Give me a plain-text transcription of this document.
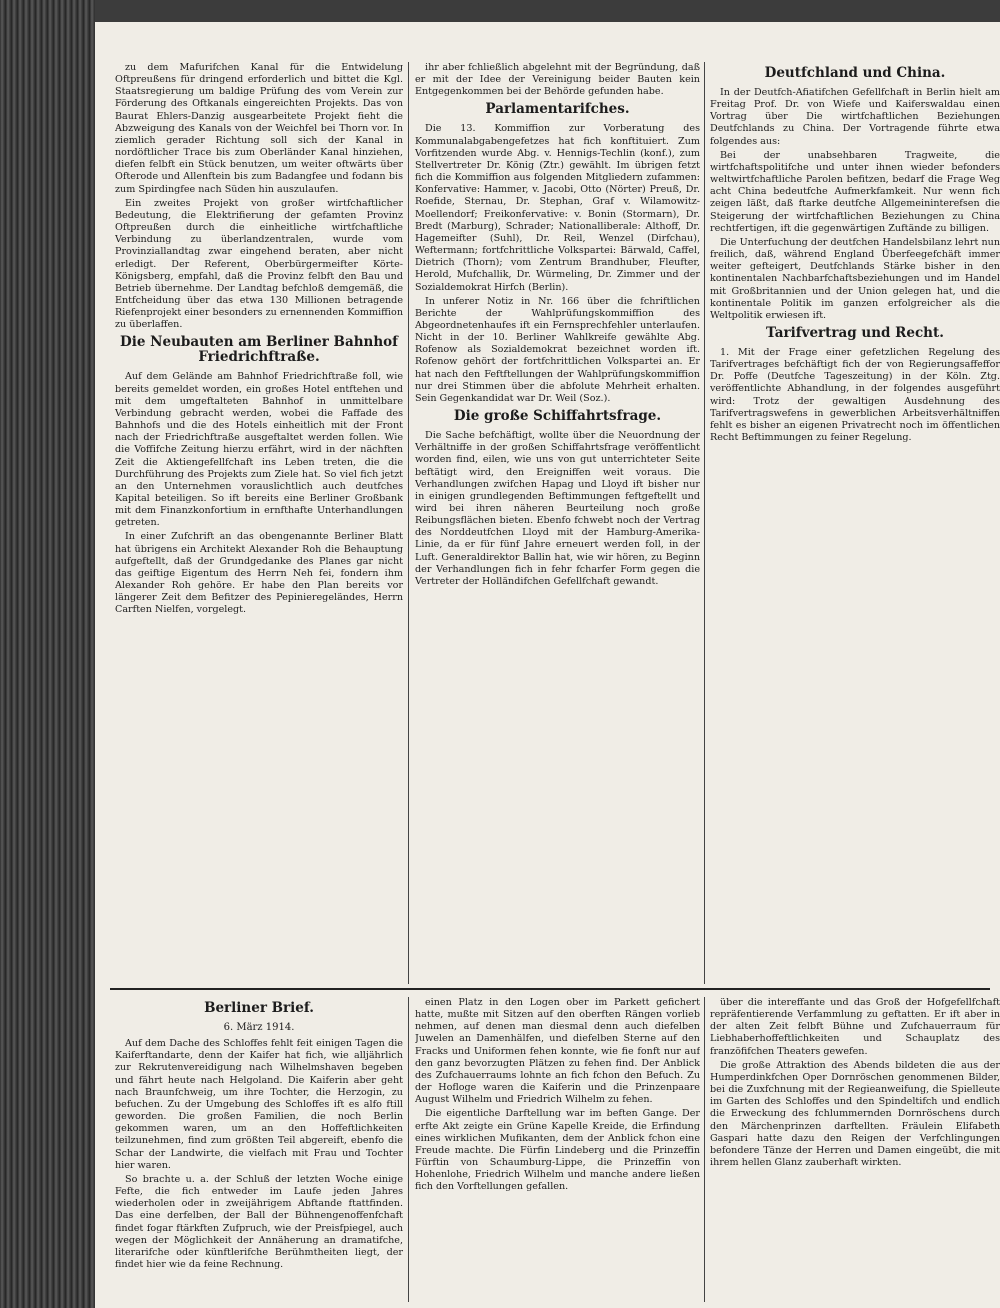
zu dem Mafurifchen Kanal für die Entwidelung Oftpreußens für dringend erforderlich und bittet die Kgl. Staatsregierung um baldige Prüfung des vom Verein zur Förderung des Oftkanals eingereichten Projekts. Das von Baurat Ehlers-Danzig ausgearbeitete Projekt fieht die Abzweigung des Kanals von der Weichfel bei Thorn vor. In ziemlich gerader Richtung soll sich der Kanal in nordöftlicher Trace bis zum Oberländer Kanal hinziehen, diefen felbft ein Stück benutzen, um weiter oftwärts über Ofterode und Allenftein bis zum Badangfee und fodann bis zum Spirdingfee nach Süden hin auszulaufen.

Ein zweites Projekt von großer wirtfchaftlicher Bedeutung, die Elektrifierung der gefamten Provinz Oftpreußen durch die einheitliche wirtfchaftliche Verbindung zu überlandzentralen, wurde vom Provinziallandtag zwar eingehend beraten, aber nicht erledigt. Der Referent, Oberbürgermeifter Körte-Königsberg, empfahl, daß die Provinz felbft den Bau und Betrieb übernehme. Der Landtag befchloß demgemäß, die Entfcheidung über das etwa 130 Millionen betragende Riefenprojekt einer besonders zu ernennenden Kommiffion zu überlaffen.

Die Neubauten am Berliner Bahnhof Friedrichftraße.

Auf dem Gelände am Bahnhof Friedrichftraße foll, wie bereits gemeldet worden, ein großes Hotel entftehen und mit dem umgeftalteten Bahnhof in unmittelbare Verbindung gebracht werden, wobei die Faffade des Bahnhofs und die des Hotels einheitlich mit der Front nach der Friedrichftraße ausgeftaltet werden follen. Wie die Voffifche Zeitung hierzu erfährt, wird in der nächften Zeit die Aktiengefellfchaft ins Leben treten, die die Durchführung des Projekts zum Ziele hat. So viel fich jetzt an den Unternehmen vorauslichtlich auch deutfches Kapital beteiligen. So ift bereits eine Berliner Großbank mit dem Finanzkonfortium in ernfthafte Unterhandlungen getreten.

In einer Zufchrift an das obengenannte Berliner Blatt hat übrigens ein Architekt Alexander Roh die Behauptung aufgeftellt, daß der Grundgedanke des Planes gar nicht das geiftige Eigentum des Herrn Neh fei, fondern ihm Alexander Roh gehöre. Er habe den Plan bereits vor längerer Zeit dem Befitzer des Pepinieregeländes, Herrn Carften Nielfen, vorgelegt.

ihr aber fchließlich abgelehnt mit der Begründung, daß er mit der Idee der Vereinigung beider Bauten kein Entgegenkommen bei der Behörde gefunden habe.

Parlamentarifches.

Die 13. Kommiffion zur Vorberatung des Kommunalabgabengefetzes hat fich konftituiert. Zum Vorfitzenden wurde Abg. v. Hennigs-Techlin (konf.), zum Stellvertreter Dr. König (Ztr.) gewählt. Im übrigen fetzt fich die Kommiffion aus folgenden Mitgliedern zufammen: Konfervative: Hammer, v. Jacobi, Otto (Nörter) Preuß, Dr. Roefide, Sternau, Dr. Stephan, Graf v. Wilamowitz-Moellendorf; Freikonfervative: v. Bonin (Stormarn), Dr. Bredt (Marburg), Schrader; Nationalliberale: Althoff, Dr. Hagemeifter (Suhl), Dr. Reil, Wenzel (Dirfchau), Weftermann; fortfchrittliche Volkspartei: Bärwald, Caffel, Dietrich (Thorn); vom Zentrum Brandhuber, Fleufter, Herold, Mufchallik, Dr. Würmeling, Dr. Zimmer und der Sozialdemokrat Hirfch (Berlin).

In unferer Notiz in Nr. 166 über die fchriftlichen Berichte der Wahlprüfungskommiffion des Abgeordnetenhaufes ift ein Fernsprechfehler unterlaufen. Nicht in der 10. Berliner Wahlkreife gewählte Abg. Rofenow als Sozialdemokrat bezeichnet worden ift. Rofenow gehört der fortfchrittlichen Volkspartei an. Er hat nach den Feftftellungen der Wahlprüfungskommiffion nur drei Stimmen über die abfolute Mehrheit erhalten. Sein Gegenkandidat war Dr. Weil (Soz.).

Die große Schiffahrtsfrage.

Die Sache befchäftigt, wollte über die Neuordnung der Verhältniffe in der großen Schiffahrtsfrage veröffentlicht worden find, eilen, wie uns von gut unterrichteter Seite beftätigt wird, den Ereigniffen weit voraus. Die Verhandlungen zwifchen Hapag und Lloyd ift bisher nur in einigen grundlegenden Beftimmungen feftgeftellt und wird bei ihren näheren Beurteilung noch große Reibungsflächen bieten. Ebenfo fchwebt noch der Vertrag des Norddeutfchen Lloyd mit der Hamburg-Amerika-Linie, da er für fünf Jahre erneuert werden foll, in der Luft. Generaldirektor Ballin hat, wie wir hören, zu Beginn der Verhandlungen fich in fehr fcharfer Form gegen die Vertreter der Holländifchen Gefellfchaft gewandt.

Deutfchland und China.

In der Deutfch-Afiatifchen Gefellfchaft in Berlin hielt am Freitag Prof. Dr. von Wiefe und Kaiferswaldau einen Vortrag über Die wirtfchaftlichen Beziehungen Deutfchlands zu China. Der Vortragende führte etwa folgendes aus:

Bei der unabsehbaren Tragweite, die wirtfchaftspolitifche und unter ihnen wieder befonders weltwirtfchaftliche Parolen befitzen, bedarf die Frage Weg acht China bedeutfche Aufmerkfamkeit. Nur wenn fich zeigen läßt, daß ftarke deutfche Allgemeininterefsen die Steigerung der wirtfchaftlichen Beziehungen zu China rechtfertigen, ift die gegenwärtigen Zuftände zu billigen.

Die Unterfuchung der deutfchen Handelsbilanz lehrt nun freilich, daß, während England Überfeegefchäft immer weiter gefteigert, Deutfchlands Stärke bisher in den kontinentalen Nachbarfchaftsbeziehungen und im Handel mit Großbritannien und der Union gelegen hat, und die kontinentale Politik im ganzen erfolgreicher als die Weltpolitik erwiesen ift.

Tarifvertrag und Recht.

1. Mit der Frage einer gefetzlichen Regelung des Tarifvertrages befchäftigt fich der von Regierungsaffeffor Dr. Poffe (Deutfche Tageszeitung) in der Köln. Ztg. veröffentlichte Abhandlung, in der folgendes ausgeführt wird: Trotz der gewaltigen Ausdehnung des Tarifvertragswefens in gewerblichen Arbeitsverhältniffen fehlt es bisher an eigenen Privatrecht noch im öffentlichen Recht Beftimmungen zu feiner Regelung.

Berliner Brief.
6. März 1914.

Auf dem Dache des Schloffes fehlt feit einigen Tagen die Kaiferftandarte, denn der Kaifer hat fich, wie alljährlich zur Rekrutenvereidigung nach Wilhelmshaven begeben und fährt heute nach Helgoland. Die Kaiferin aber geht nach Braunfchweig, um ihre Tochter, die Herzogin, zu befuchen. Zu der Umgebung des Schloffes ift es alfo ftill geworden. Die großen Familien, die noch Berlin gekommen waren, um an den Hoffeftlichkeiten teilzunehmen, find zum größten Teil abgereift, ebenfo die Schar der Landwirte, die vielfach mit Frau und Tochter hier waren.

So brachte u. a. der Schluß der letzten Woche einige Fefte, die fich entweder im Laufe jeden Jahres wiederholen oder in zweijährigem Abftande ftattfinden. Das eine derfelben, der Ball der Bühnengenoffenfchaft findet fogar ftärkften Zufpruch, wie der Preisfpiegel, auch wegen der Möglichkeit der Annäherung an dramatifche, literarifche oder künftlerifche Berühmtheiten liegt, der findet hier wie da feine Rechnung.

einen Platz in den Logen ober im Parkett gefichert hatte, mußte mit Sitzen auf den oberften Rängen vorlieb nehmen, auf denen man diesmal denn auch diefelben Juwelen an Damenhälfen, und diefelben Sterne auf den Fracks und Uniformen fehen konnte, wie fie fonft nur auf den ganz bevorzugten Plätzen zu fehen find. Der Anblick des Zufchauerraums lohnte an fich fchon den Befuch. Zu der Hofloge waren die Kaiferin und die Prinzenpaare August Wilhelm und Friedrich Wilhelm zu fehen.

Die eigentliche Darftellung war im beften Gange. Der erfte Akt zeigte ein Grüne Kapelle Kreide, die Erfindung eines wirklichen Mufikanten, dem der Anblick fchon eine Freude machte. Die Fürfin Lindeberg und die Prinzeffin Fürftin von Schaumburg-Lippe, die Prinzeffin von Hohenlohe, Friedrich Wilhelm und manche andere ließen fich den Vorftellungen gefallen.

über die intereffante und das Groß der Hofgefellfchaft repräfentierende Verfammlung zu geftatten. Er ift aber in der alten Zeit felbft Bühne und Zufchauerraum für Liebhaberhoffeftlichkeiten und Schauplatz des franzöfifchen Theaters gewefen.

Die große Attraktion des Abends bildeten die aus der Humperdinkfchen Oper Dornröschen genommenen Bilder, bei die Zuxfchnung mit der Regieanweifung, die Spielleute im Garten des Schloffes und den Spindeltifch und endlich die Erweckung des fchlummernden Dornröschens durch den Märchenprinzen darftellten. Fräulein Elifabeth Gaspari hatte dazu den Reigen der Verfchlingungen befondere Tänze der Herren und Damen eingeübt, die mit ihrem hellen Glanz zauberhaft wirkten.
